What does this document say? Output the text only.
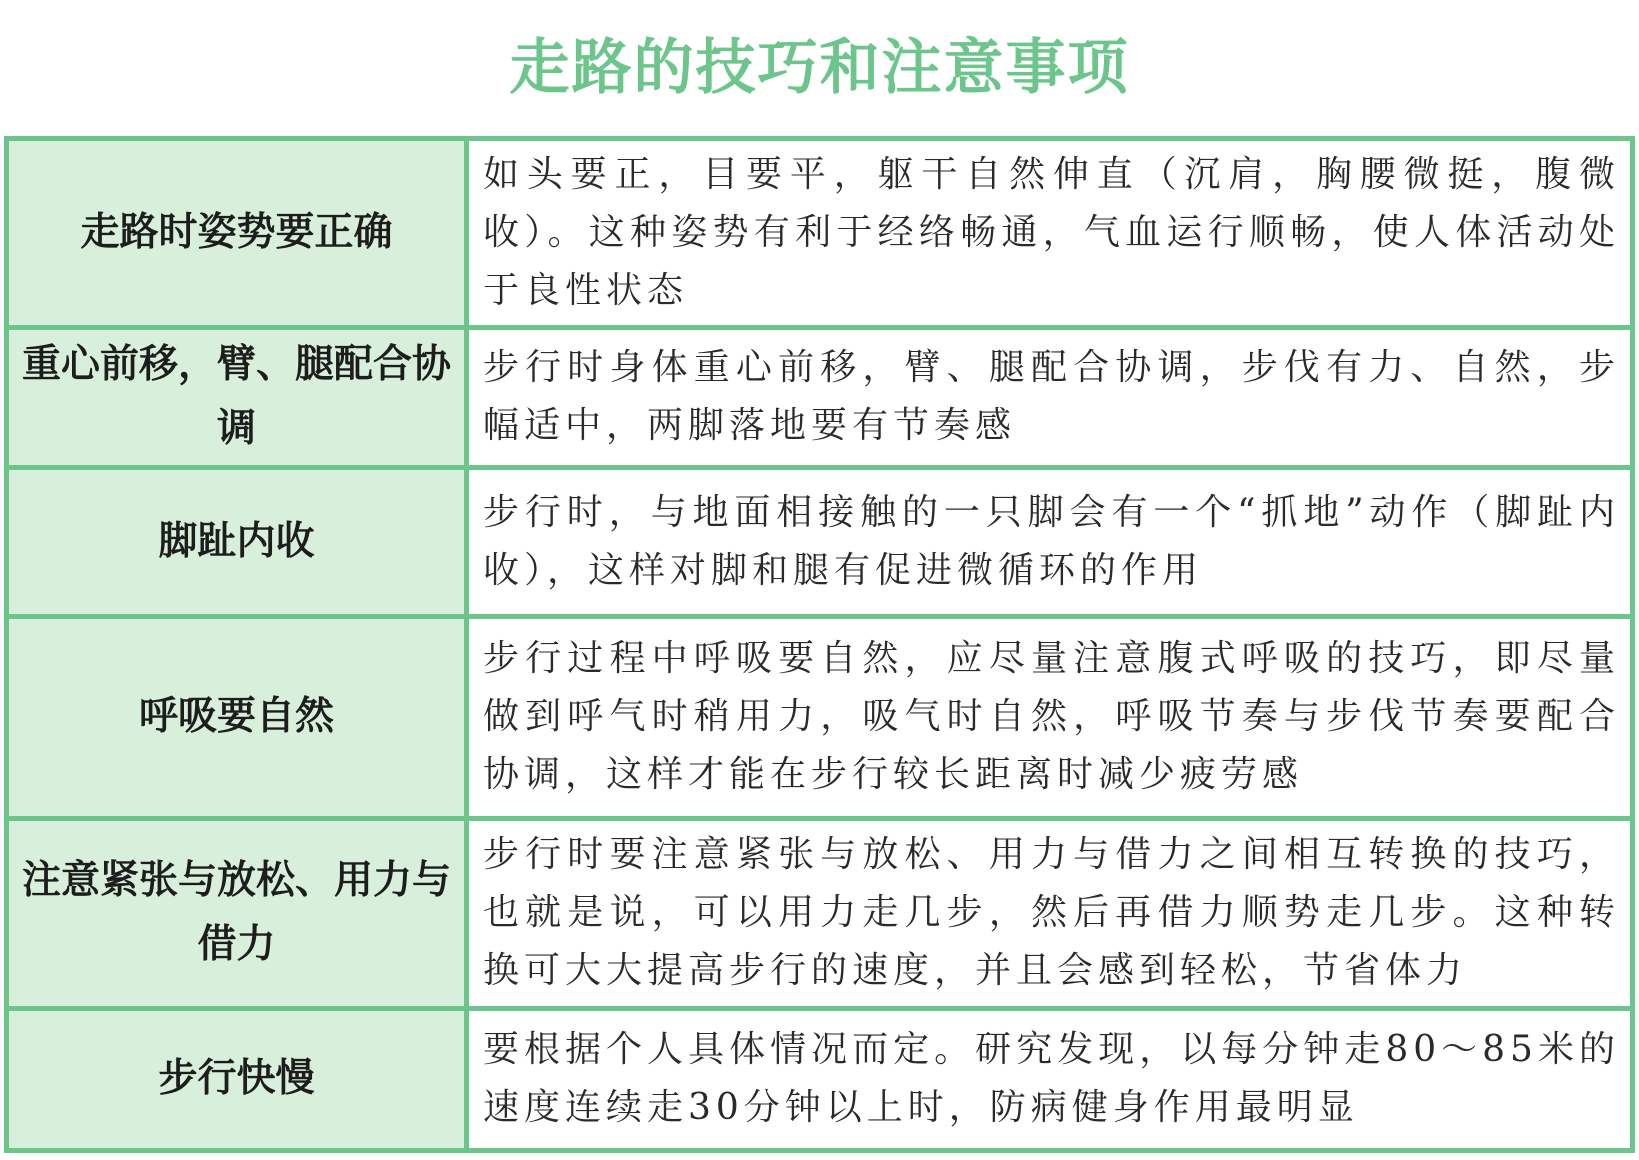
走路的技巧和注意事项
走路时姿势要正确	如头要正，目要平，躯干自然伸直（沉肩，胸腰微挺，腹微收）。这种姿势有利于经络畅通，气血运行顺畅，使人体活动处于良性状态
重心前移，臂、腿配合协调	步行时身体重心前移，臂、腿配合协调，步伐有力、自然，步幅适中，两脚落地要有节奏感
脚趾内收	步行时，与地面相接触的一只脚会有一个“抓地”动作（脚趾内收），这样对脚和腿有促进微循环的作用
呼吸要自然	步行过程中呼吸要自然，应尽量注意腹式呼吸的技巧，即尽量做到呼气时稍用力，吸气时自然，呼吸节奏与步伐节奏要配合协调，这样才能在步行较长距离时减少疲劳感
注意紧张与放松、用力与借力	步行时要注意紧张与放松、用力与借力之间相互转换的技巧，也就是说，可以用力走几步，然后再借力顺势走几步。这种转换可大大提高步行的速度，并且会感到轻松，节省体力
步行快慢	要根据个人具体情况而定。研究发现，以每分钟走80～85米的速度连续走30分钟以上时，防病健身作用最明显
